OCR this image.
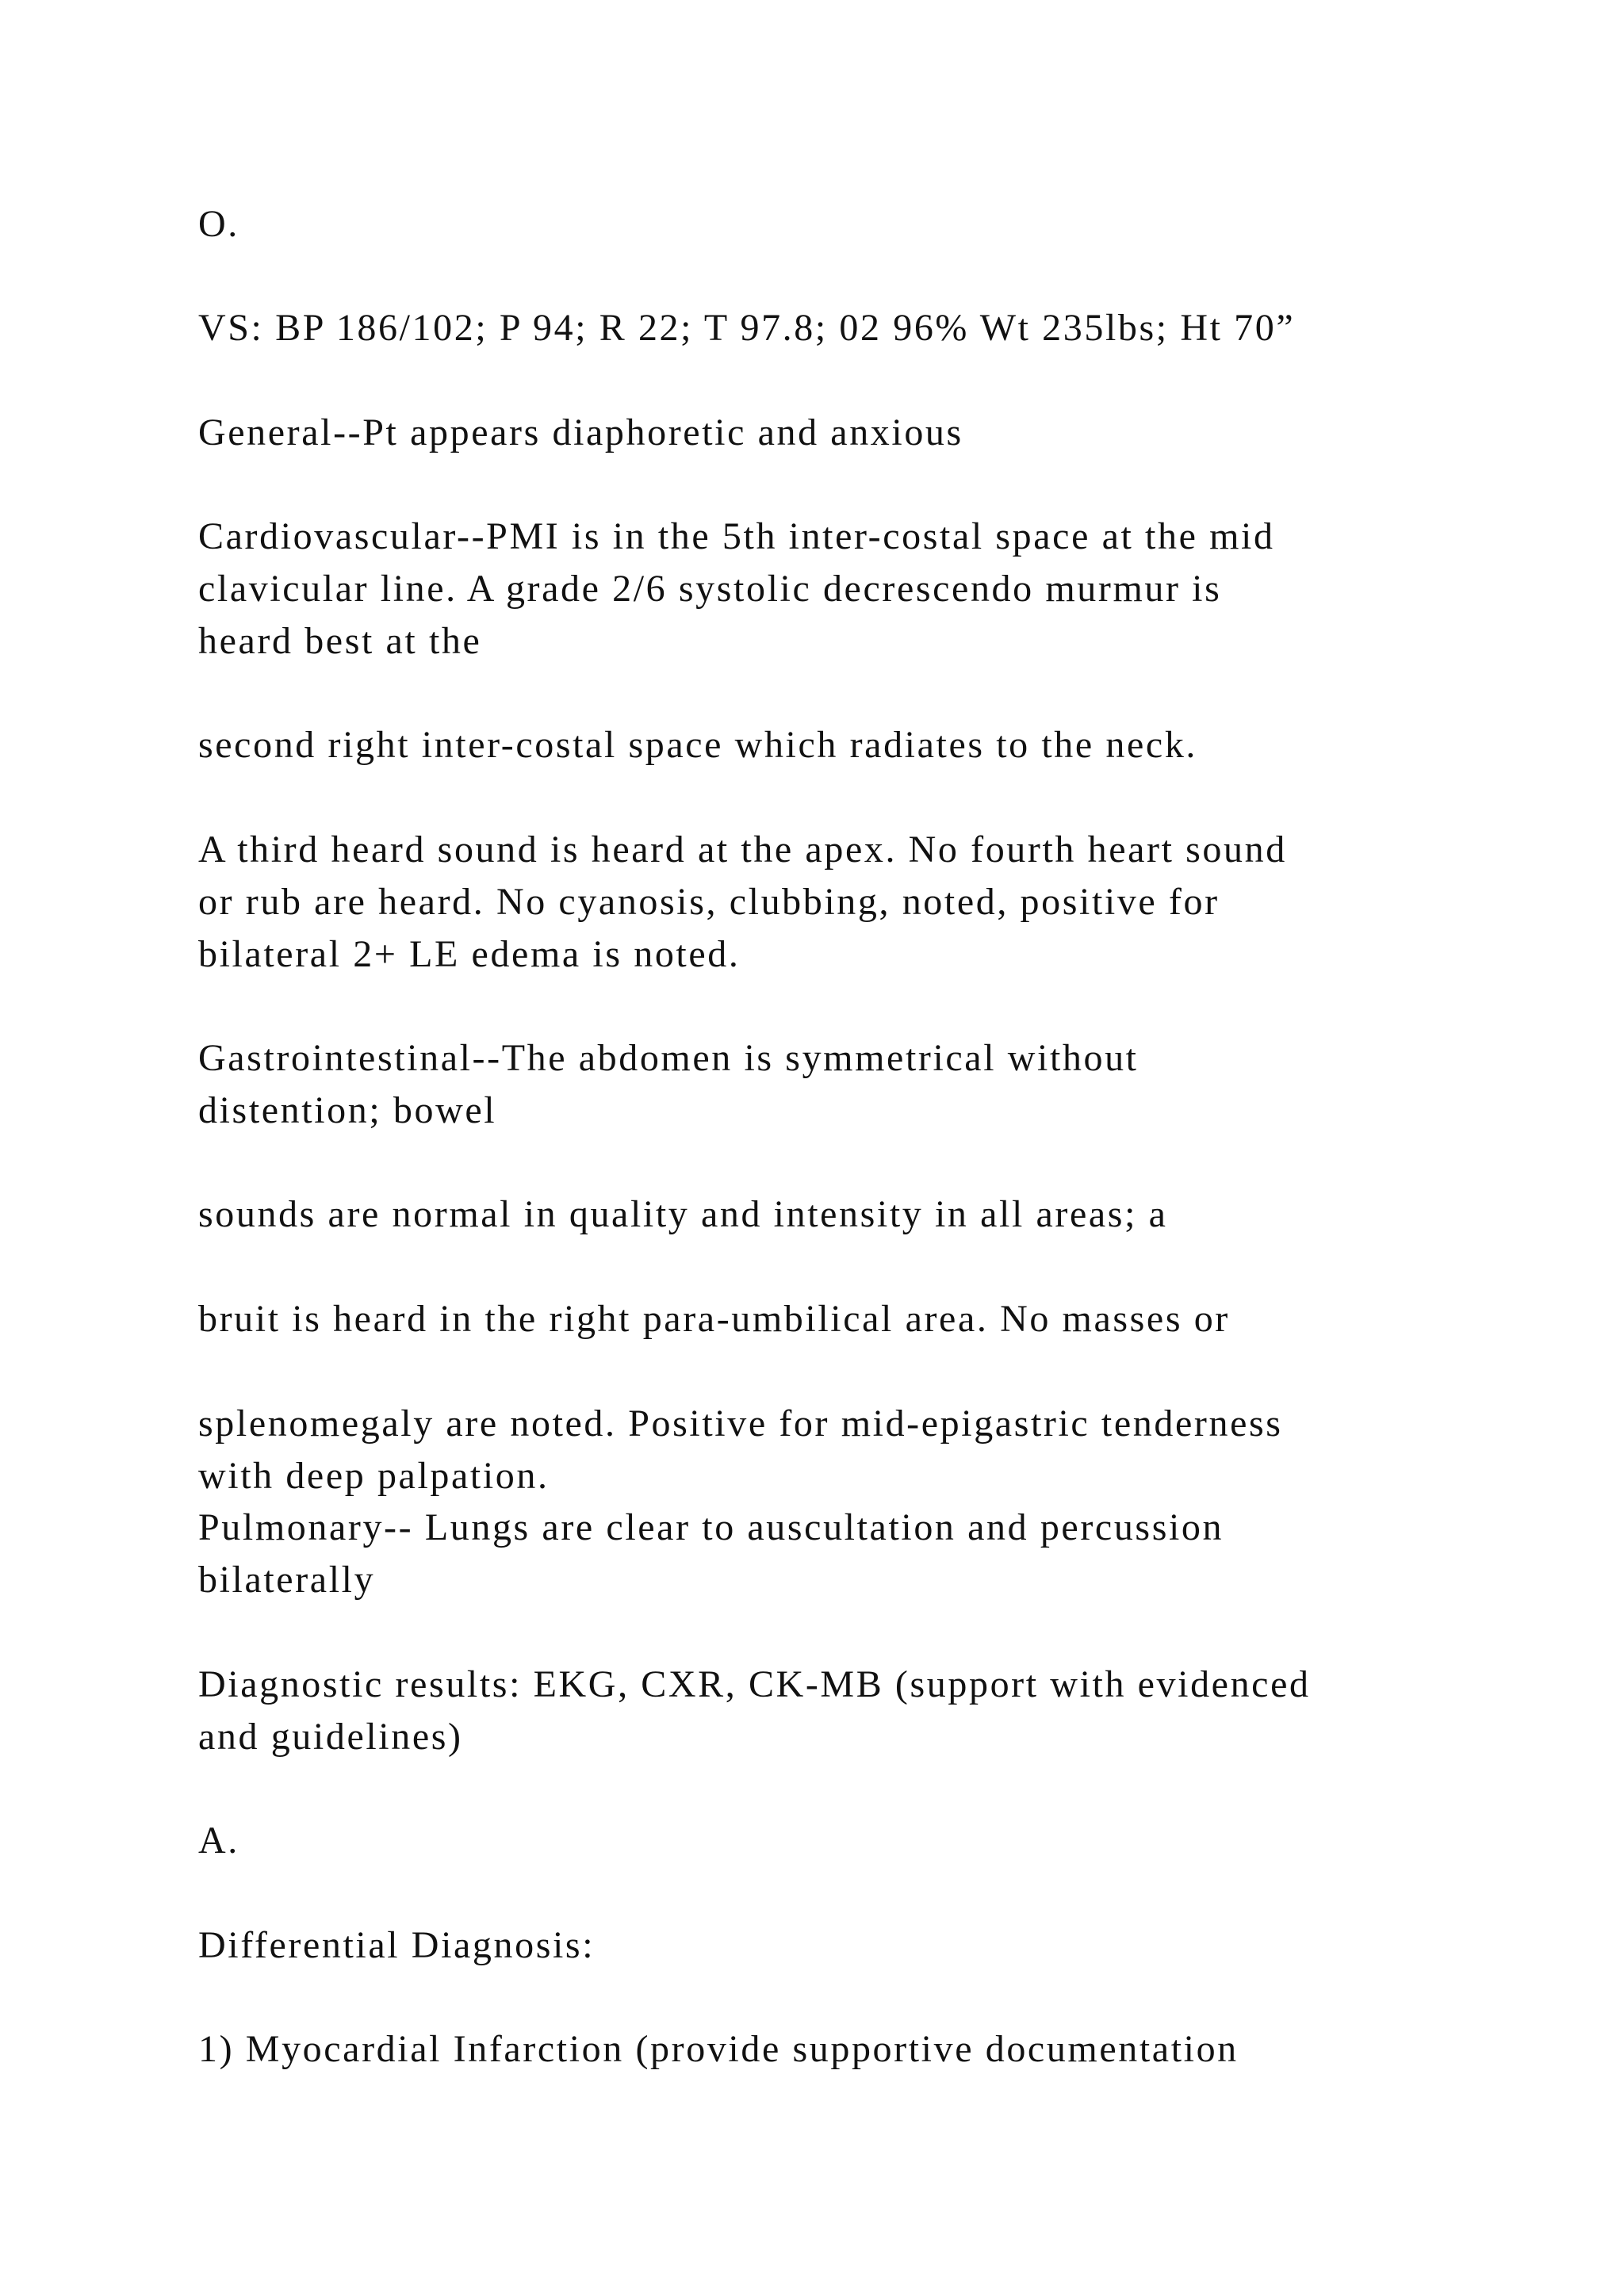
O.

VS: BP 186/102; P 94; R 22; T 97.8; 02 96% Wt 235lbs; Ht 70”

General--Pt appears diaphoretic and anxious

Cardiovascular--PMI is in the 5th inter-costal space at the mid

clavicular line. A grade 2/6 systolic decrescendo murmur is

heard best at the

second right inter-costal space which radiates to the neck.

A third heard sound is heard at the apex. No fourth heart sound

or rub are heard. No cyanosis, clubbing, noted, positive for

bilateral 2+ LE edema is noted.

Gastrointestinal--The abdomen is symmetrical without

distention; bowel

sounds are normal in quality and intensity in all areas; a

bruit is heard in the right para-umbilical area. No masses or

splenomegaly are noted. Positive for mid-epigastric tenderness

with deep palpation.

Pulmonary-- Lungs are clear to auscultation and percussion

bilaterally

Diagnostic results: EKG, CXR, CK-MB (support with evidenced

and guidelines)

A.

Differential Diagnosis:

1) Myocardial Infarction (provide supportive documentation
